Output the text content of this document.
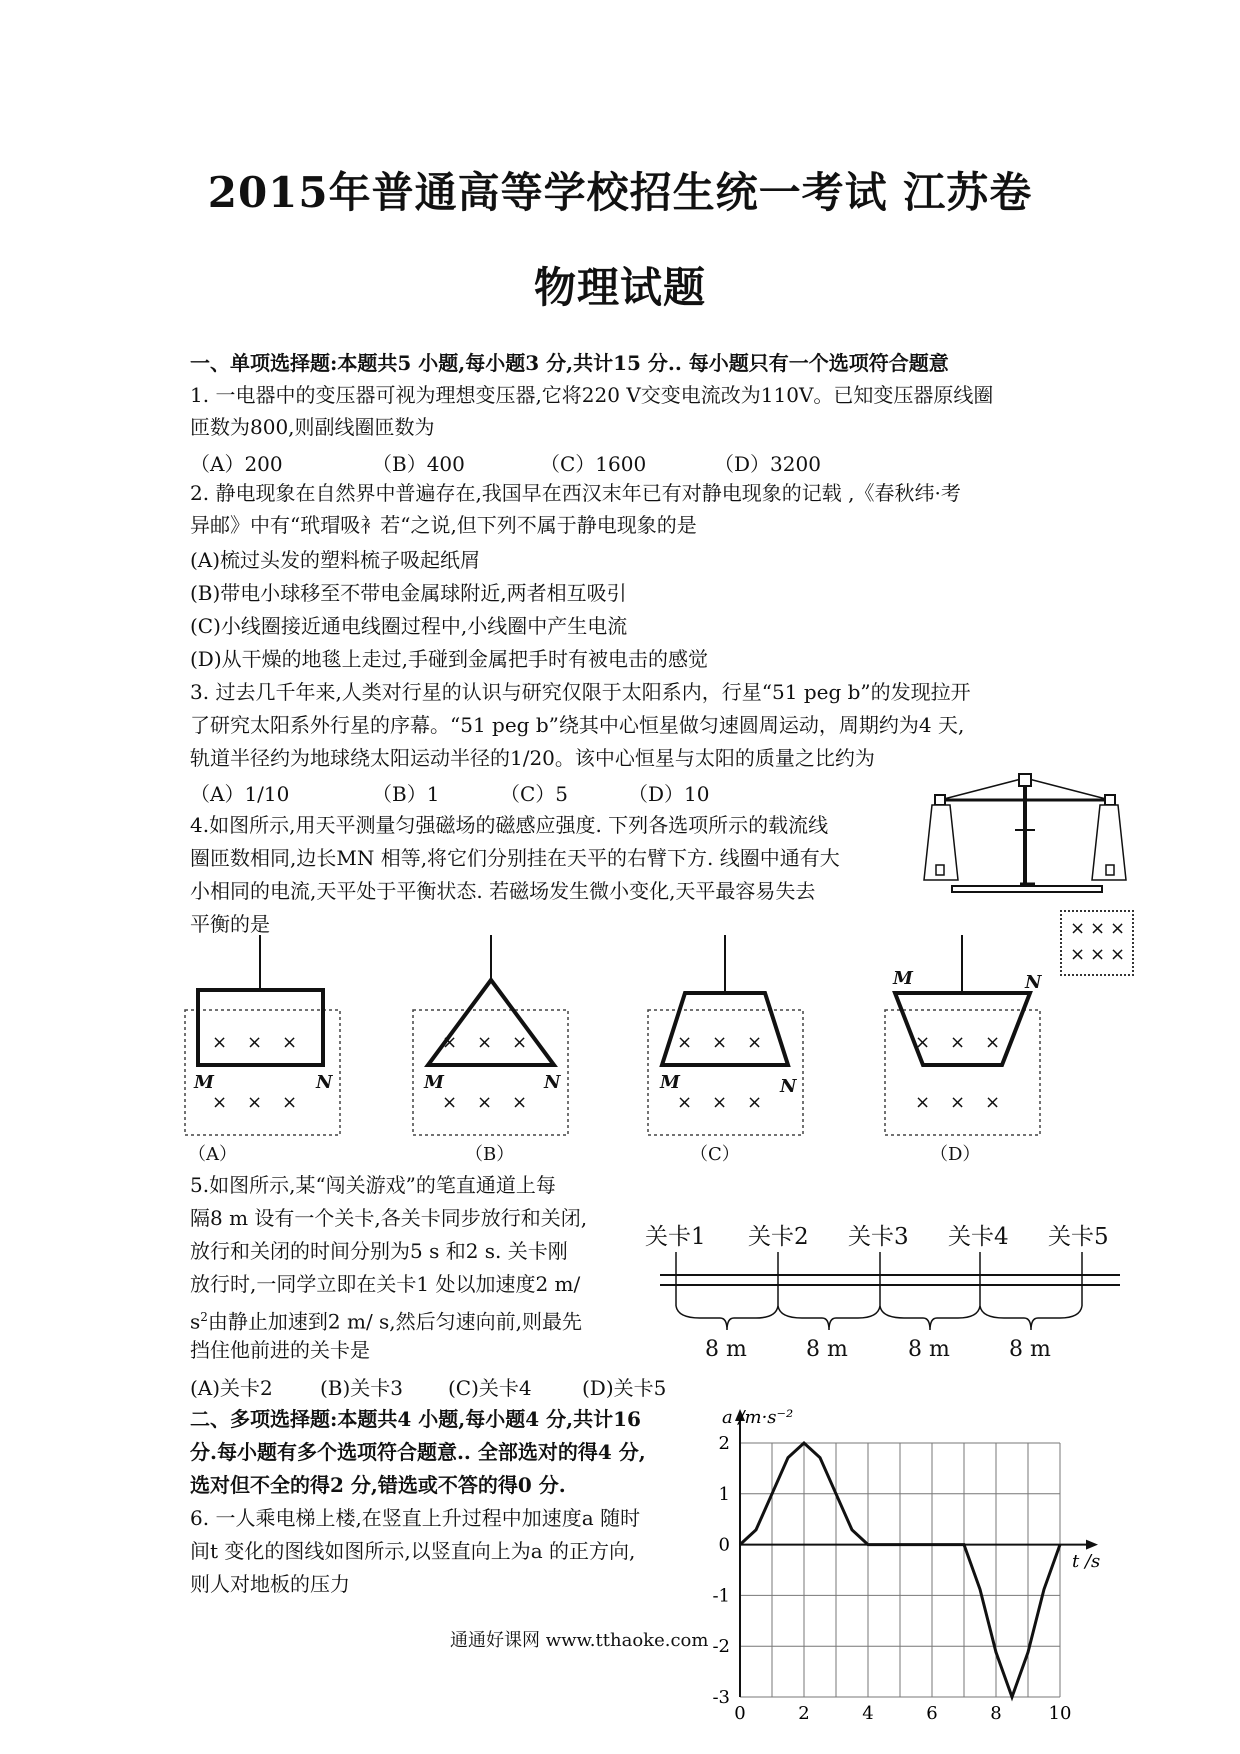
2015年普通高等学校招生统一考试 江苏卷
物理试题
一、单项选择题:本题共5 小题,每小题3 分,共计15 分.. 每小题只有一个选项符合题意
1. 一电器中的变压器可视为理想变压器,它将220 V交变电流改为110V。已知变压器原线圈
匝数为800,则副线圈匝数为
（A）200	（B）400	（C）1600	（D）3200
2. 静电现象在自然界中普遍存在,我国早在西汉末年已有对静电现象的记载 ,《春秋纬·考
异邮》中有“玳瑁吸衤若“之说,但下列不属于静电现象的是
(A)梳过头发的塑料梳子吸起纸屑
(B)带电小球移至不带电金属球附近,两者相互吸引
(C)小线圈接近通电线圈过程中,小线圈中产生电流
(D)从干燥的地毯上走过,手碰到金属把手时有被电击的感觉
3. 过去几千年来,人类对行星的认识与研究仅限于太阳系内，行星“51 peg b”的发现拉开
了研究太阳系外行星的序幕。“51 peg b”绕其中心恒星做匀速圆周运动，周期约为4 天,
轨道半径约为地球绕太阳运动半径的1/20。该中心恒星与太阳的质量之比约为
（A）1/10	（B）1	（C）5	（D）10
4.如图所示,用天平测量匀强磁场的磁感应强度. 下列各选项所示的载流线
圈匝数相同,边长MN 相等,将它们分别挂在天平的右臂下方. 线圈中通有大
小相同的电流,天平处于平衡状态. 若磁场发生微小变化,天平最容易失去
平衡的是	× × ×
× × ×
× × ×
× × ×
× × ×
× × ×
× × ×
× × ×
× × ×
× × ×
M	N	M	N	M	N
M	N
（A）	（B）	（C）	（D）
5.如图所示,某“闯关游戏”的笔直通道上每
隔8 m 设有一个关卡,各关卡同步放行和关闭,
放行和关闭的时间分别为5 s 和2 s. 关卡刚
放行时,一同学立即在关卡1 处以加速度2 m/
$s^2$由静止加速到2 m/ s,然后匀速向前,则最先
挡住他前进的关卡是
(A)关卡2 (B)关卡3 (C)关卡4	(D)关卡5
关卡1 关卡2 关卡3 关卡4 关卡5
8 m	8 m	8 m	8 m
二、多项选择题:本题共4 小题,每小题4 分,共计16
分.每小题有多个选项符合题意.. 全部选对的得4 分,
选对但不全的得2 分,错选或不答的得0 分.
6. 一人乘电梯上楼,在竖直上升过程中加速度a 随时
间t 变化的图线如图所示,以竖直向上为a 的正方向,
则人对地板的压力
通通好课网 www.tthaoke.com
0	2	4	6	8	10
2
1
0
-1
-2
-3
a /m·s⁻²
t /s
